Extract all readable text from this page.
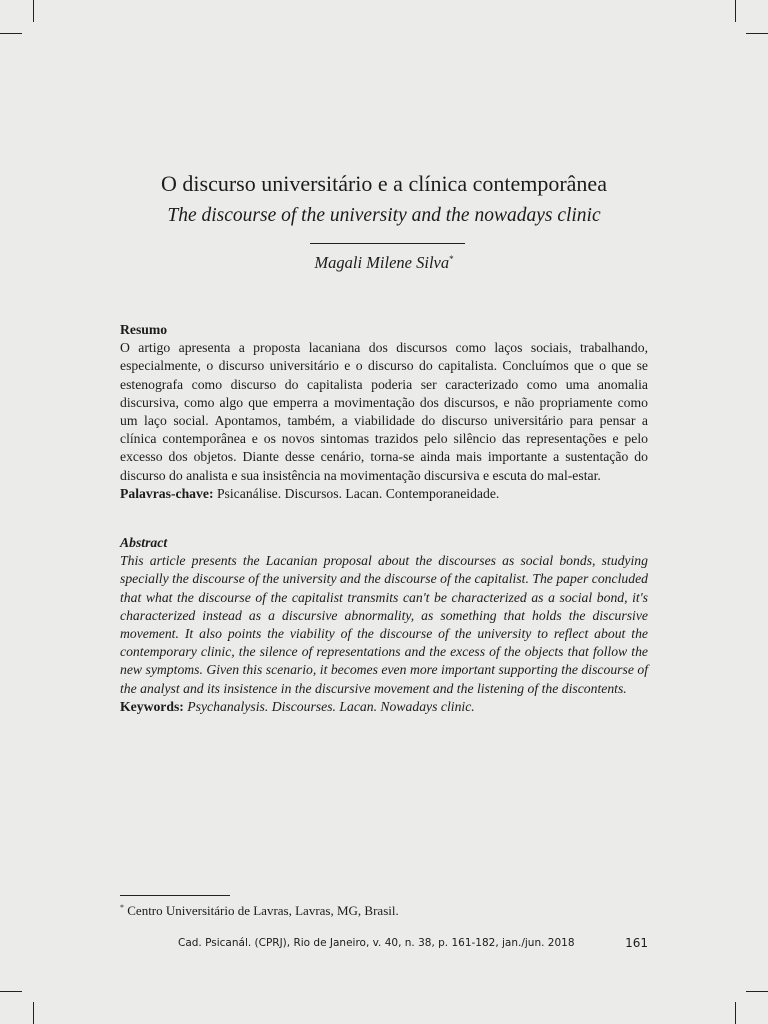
O discurso universitário e a clínica contemporânea
The discourse of the university and the nowadays clinic
Magali Milene Silva*
Resumo
O artigo apresenta a proposta lacaniana dos discursos como laços sociais, trabalhando, especialmente, o discurso universitário e o discurso do capitalista. Concluímos que o que se estenografa como discurso do capitalista poderia ser caracterizado como uma anomalia discursiva, como algo que emperra a movimentação dos discursos, e não propriamente como um laço social. Apontamos, também, a viabilidade do discurso universitário para pensar a clínica contemporânea e os novos sintomas trazidos pelo silêncio das representações e pelo excesso dos objetos. Diante desse cenário, torna-se ainda mais importante a sustentação do discurso do analista e sua insistência na movimentação discursiva e escuta do mal-estar.
Palavras-chave: Psicanálise. Discursos. Lacan. Contemporaneidade.
Abstract
This article presents the Lacanian proposal about the discourses as social bonds, studying specially the discourse of the university and the discourse of the capitalist. The paper concluded that what the discourse of the capitalist transmits can't be characterized as a social bond, it's characterized instead as a discursive abnormality, as something that holds the discursive movement. It also points the viability of the discourse of the university to reflect about the contemporary clinic, the silence of representations and the excess of the objects that follow the new symptoms. Given this scenario, it becomes even more important supporting the discourse of the analyst and its insistence in the discursive movement and the listening of the discontents.
Keywords: Psychanalysis. Discourses. Lacan. Nowadays clinic.
* Centro Universitário de Lavras, Lavras, MG, Brasil.
Cad. Psicanál. (CPRJ), Rio de Janeiro, v. 40, n. 38, p. 161-182, jan./jun. 2018	161
